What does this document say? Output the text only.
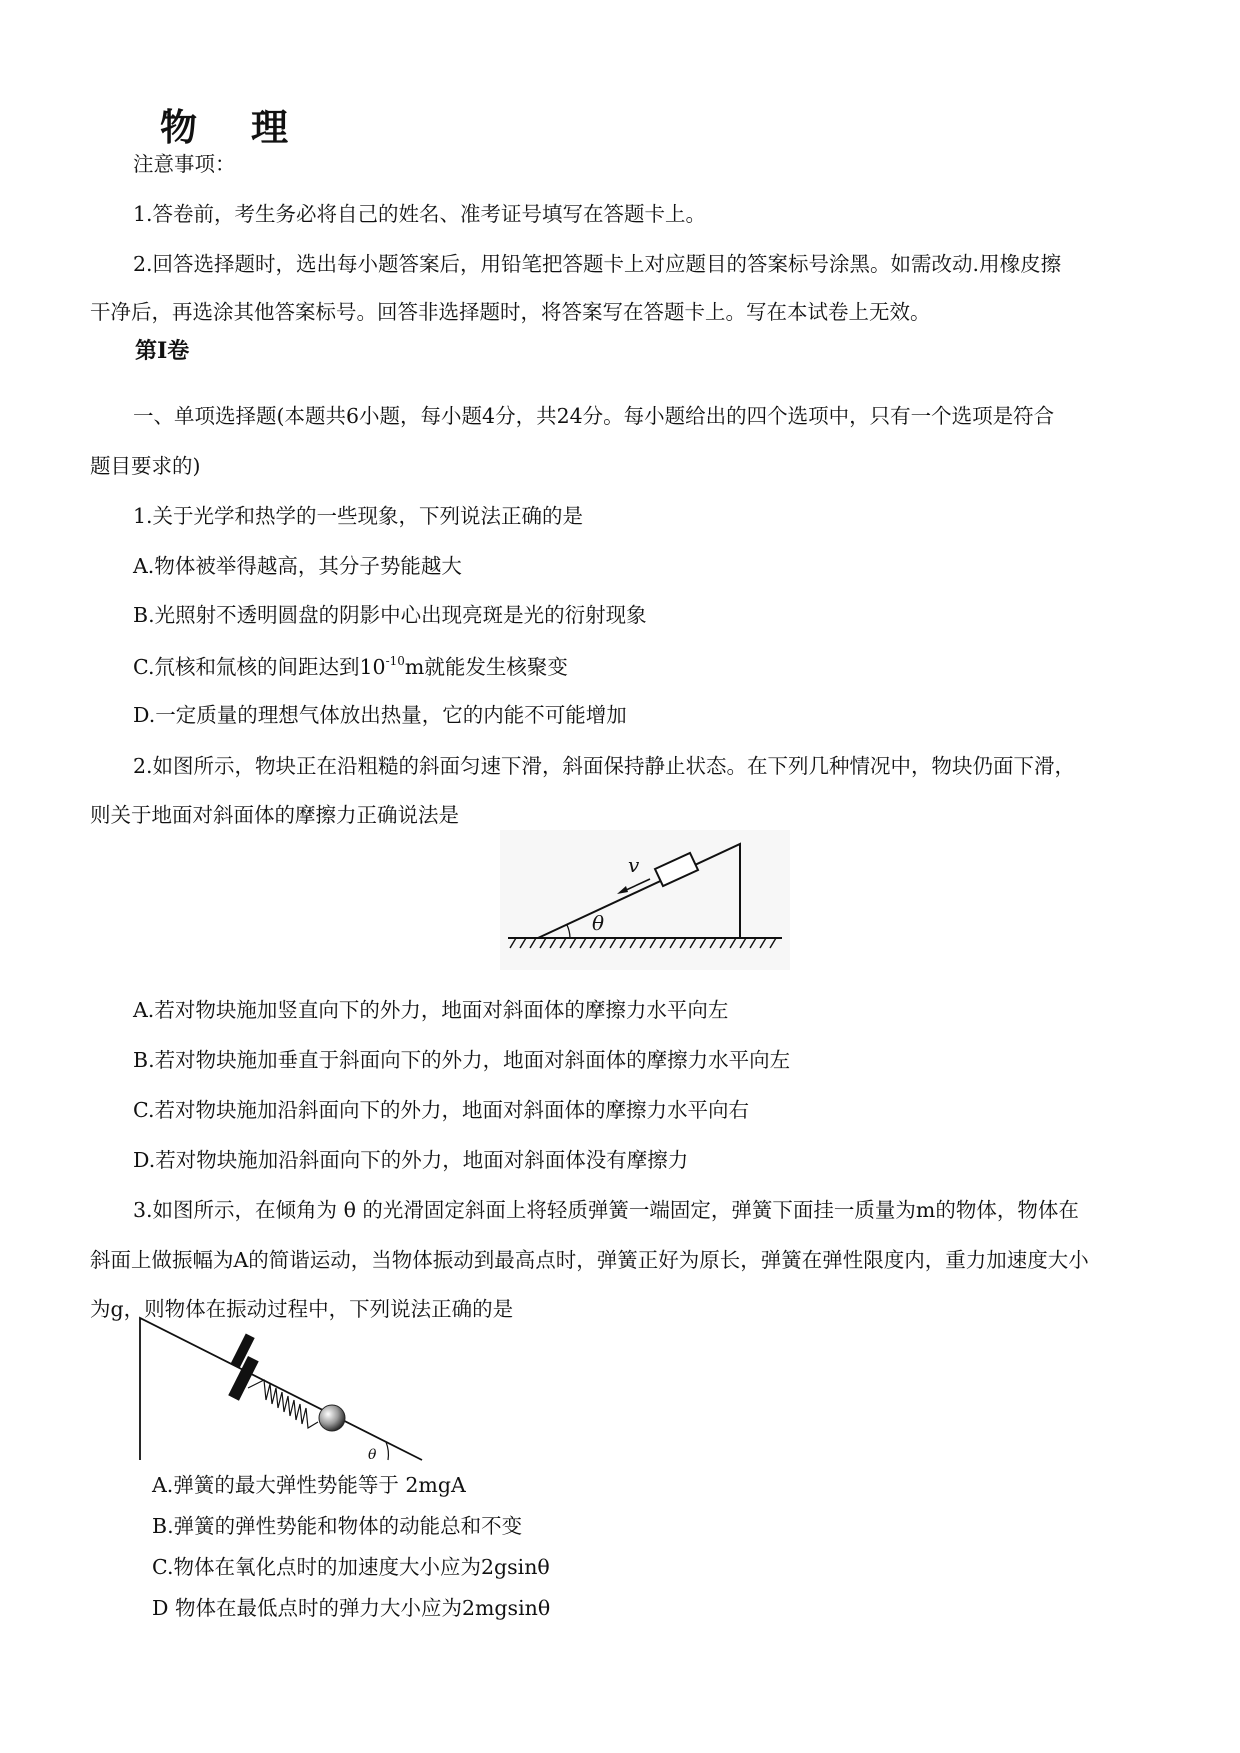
物 理
注意事项：
1.答卷前，考生务必将自己的姓名、准考证号填写在答题卡上。
2.回答选择题时，选出每小题答案后，用铅笔把答题卡上对应题目的答案标号涂黑。如需改动.用橡皮擦
干净后，再选涂其他答案标号。回答非选择题时，将答案写在答题卡上。写在本试卷上无效。
第Ⅰ卷
一、单项选择题(本题共6小题，每小题4分，共24分。每小题给出的四个选项中，只有一个选项是符合
题目要求的)
1.关于光学和热学的一些现象，下列说法正确的是
A.物体被举得越高，其分子势能越大
B.光照射不透明圆盘的阴影中心出现亮斑是光的衍射现象
C.氘核和氚核的间距达到$10^{-10}m$就能发生核聚变
D.一定质量的理想气体放出热量，它的内能不可能增加
2.如图所示，物块正在沿粗糙的斜面匀速下滑，斜面保持静止状态。在下列几种情况中，物块仍面下滑，
则关于地面对斜面体的摩擦力正确说法是
θ
v
A.若对物块施加竖直向下的外力，地面对斜面体的摩擦力水平向左
B.若对物块施加垂直于斜面向下的外力，地面对斜面体的摩擦力水平向左
C.若对物块施加沿斜面向下的外力，地面对斜面体的摩擦力水平向右
D.若对物块施加沿斜面向下的外力，地面对斜面体没有摩擦力
3.如图所示，在倾角为 θ 的光滑固定斜面上将轻质弹簧一端固定，弹簧下面挂一质量为m的物体，物体在
斜面上做振幅为A的简谐运动，当物体振动到最高点时，弹簧正好为原长，弹簧在弹性限度内，重力加速度大小
为g，则物体在振动过程中，下列说法正确的是
θ
A.弹簧的最大弹性势能等于 2mgA
B.弹簧的弹性势能和物体的动能总和不变
C.物体在氧化点时的加速度大小应为2gsinθ
D 物体在最低点时的弹力大小应为2mgsinθ
